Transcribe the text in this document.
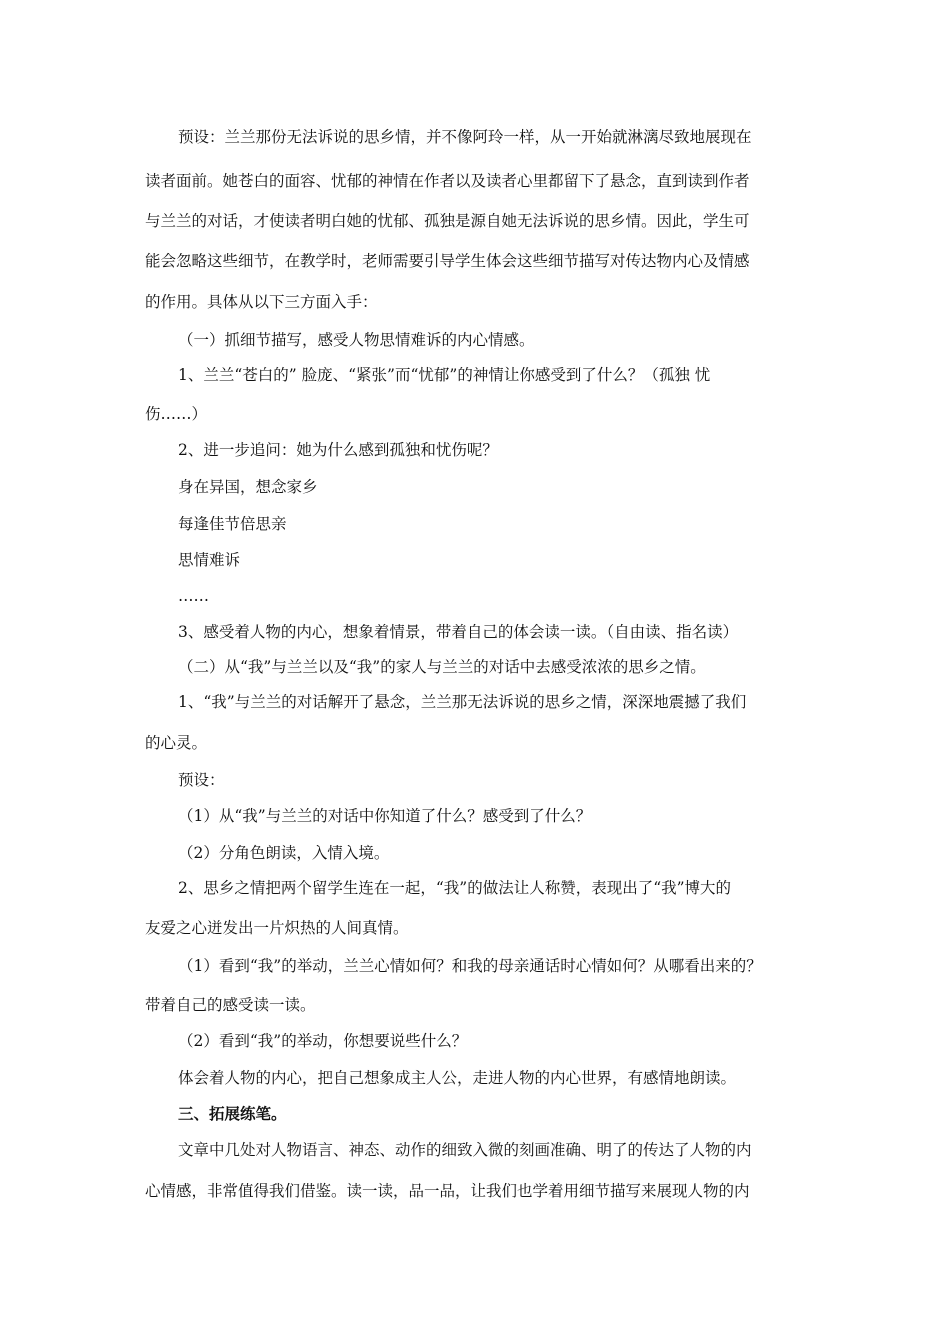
预设：兰兰那份无法诉说的思乡情，并不像阿玲一样，从一开始就淋漓尽致地展现在
读者面前。她苍白的面容、忧郁的神情在作者以及读者心里都留下了悬念，直到读到作者
与兰兰的对话，才使读者明白她的忧郁、孤独是源自她无法诉说的思乡情。因此，学生可
能会忽略这些细节，在教学时，老师需要引导学生体会这些细节描写对传达物内心及情感
的作用。具体从以下三方面入手：
（一）抓细节描写，感受人物思情难诉的内心情感。
1、兰兰“苍白的” 脸庞、“紧张”而“忧郁”的神情让你感受到了什么？（孤独 忧
伤……）
2、进一步追问：她为什么感到孤独和忧伤呢？
身在异国，想念家乡
每逢佳节倍思亲
思情难诉
……
3、感受着人物的内心，想象着情景，带着自己的体会读一读。（自由读、指名读）
（二）从“我”与兰兰以及“我”的家人与兰兰的对话中去感受浓浓的思乡之情。
1、“我”与兰兰的对话解开了悬念，兰兰那无法诉说的思乡之情，深深地震撼了我们
的心灵。
预设：
（1）从“我”与兰兰的对话中你知道了什么？感受到了什么？
（2）分角色朗读，入情入境。
2、思乡之情把两个留学生连在一起，“我”的做法让人称赞，表现出了“我”博大的
友爱之心迸发出一片炽热的人间真情。
（1）看到“我”的举动，兰兰心情如何？和我的母亲通话时心情如何？从哪看出来的？
带着自己的感受读一读。
（2）看到“我”的举动，你想要说些什么？
体会着人物的内心，把自己想象成主人公，走进人物的内心世界，有感情地朗读。
三、拓展练笔。
文章中几处对人物语言、神态、动作的细致入微的刻画准确、明了的传达了人物的内
心情感，非常值得我们借鉴。读一读，品一品，让我们也学着用细节描写来展现人物的内
